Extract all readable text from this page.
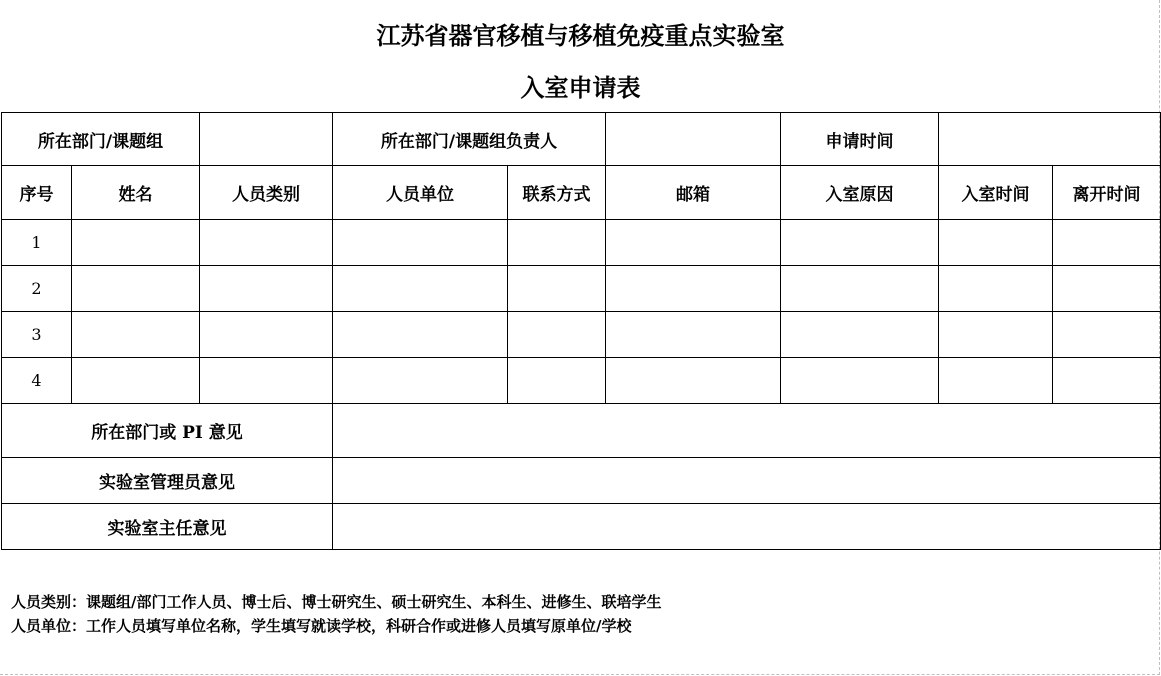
江苏省器官移植与移植免疫重点实验室
入室申请表
所在部门/课题组			所在部门/课题组负责人			申请时间		
序号	姓名	人员类别	人员单位	联系方式	邮箱	入室原因	入室时间	离开时间
1								
2								
3								
4								
所在部门或 PI 意见								
实验室管理员意见								
实验室主任意见								
人员类别：课题组/部门工作人员、博士后、博士研究生、硕士研究生、本科生、进修生、联培学生
人员单位：工作人员填写单位名称，学生填写就读学校，科研合作或进修人员填写原单位/学校
